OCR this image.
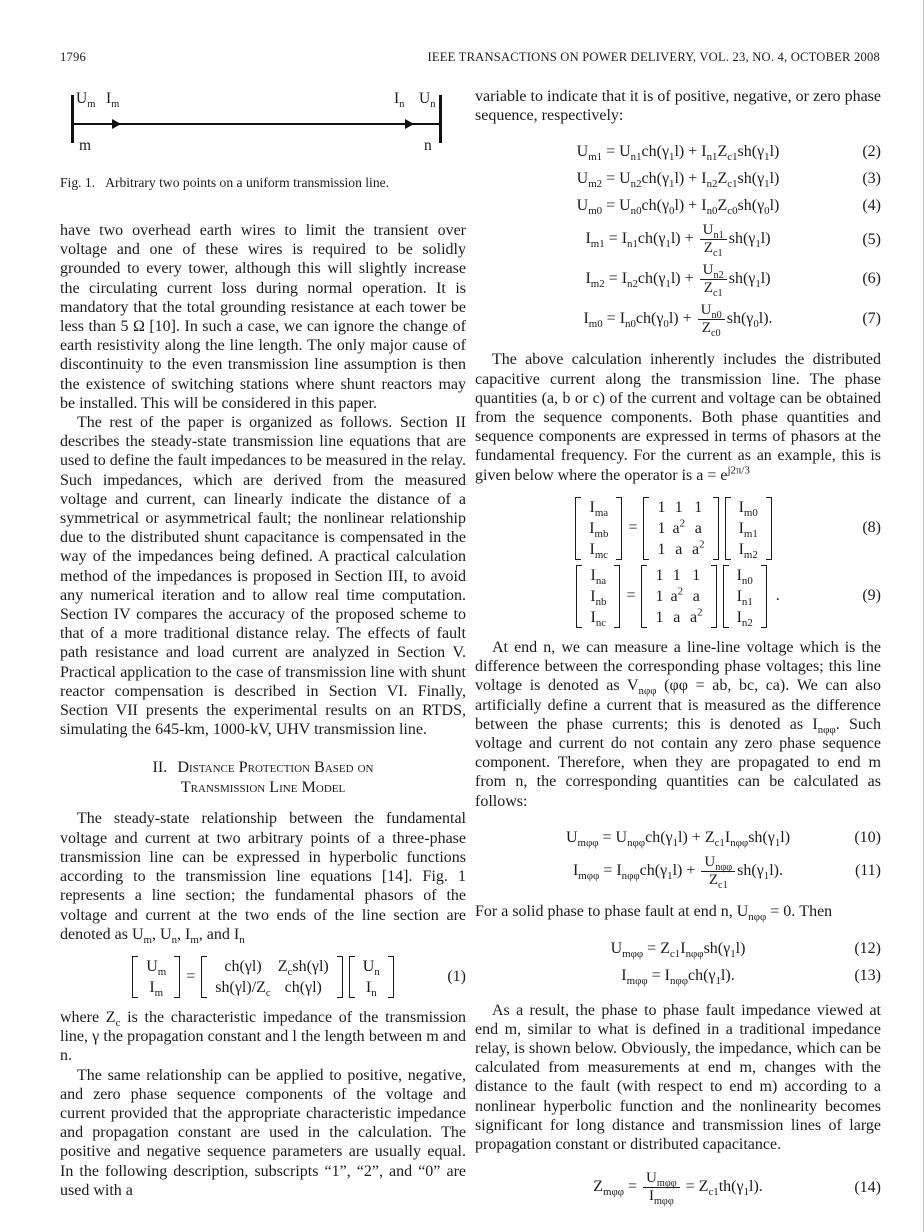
1796	IEEE TRANSACTIONS ON POWER DELIVERY, VOL. 23, NO. 4, OCTOBER 2008
$U_m$ $I_m$	$I_n$ $U_n$
m	n
Fig. 1. Arbitrary two points on a uniform transmission line.

have two overhead earth wires to limit the transient over voltage and one of these wires is required to be solidly grounded to every tower, although this will slightly increase the circulating current loss during normal operation. It is mandatory that the total grounding resistance at each tower be less than 5 Ω [10]. In such a case, we can ignore the change of earth resistivity along the line length. The only major cause of discontinuity to the even transmission line assumption is then the existence of switching stations where shunt reactors may be installed. This will be considered in this paper.

The rest of the paper is organized as follows. Section II describes the steady-state transmission line equations that are used to define the fault impedances to be measured in the relay. Such impedances, which are derived from the measured voltage and current, can linearly indicate the distance of a symmetrical or asymmetrical fault; the nonlinear relationship due to the distributed shunt capacitance is compensated in the way of the impedances being defined. A practical calculation method of the impedances is proposed in Section III, to avoid any numerical iteration and to allow real time computation. Section IV compares the accuracy of the proposed scheme to that of a more traditional distance relay. The effects of fault path resistance and load current are analyzed in Section V. Practical application to the case of transmission line with shunt reactor compensation is described in Section VI. Finally, Section VII presents the experimental results on an RTDS, simulating the 645-km, 1000-kV, UHV transmission line.

II. Distance Protection Based on
Transmission Line Model

The steady-state relationship between the fundamental voltage and current at two arbitrary points of a three-phase transmission line can be expressed in hyperbolic functions according to the transmission line equations [14]. Fig. 1 represents a line section; the fundamental phasors of the voltage and current at the two ends of the line section are denoted as $U_m$, $U_n$, $I_m$, and $I_n$

$U_m$
$I_m$
=
ch(γl)	$Z_csh(\gamma l)$
$sh(\gamma l)/Z_c$	ch(γl)
$U_n$
$I_n$
(1)

where $Z_c$ is the characteristic impedance of the transmission line, γ the propagation constant and l the length between m and n.

The same relationship can be applied to positive, negative, and zero phase sequence components of the voltage and current provided that the appropriate characteristic impedance and propagation constant are used in the calculation. The positive and negative sequence parameters are usually equal. In the following description, subscripts “1”, “2”, and “0” are used with a

variable to indicate that it is of positive, negative, or zero phase sequence, respectively:

$U_{m1} = U_{n1}ch(\gamma_1l) + I_{n1}Z_{c1}sh(\gamma_1l)$	(2)
$U_{m2} = U_{n2}ch(\gamma_1l) + I_{n2}Z_{c1}sh(\gamma_1l)$	(3)
$U_{m0} = U_{n0}ch(\gamma_0l) + I_{n0}Z_{c0}sh(\gamma_0l)$	(4)
$I_{m1} = I_{n1}ch(\gamma_1l) + \frac{U_{n1}}{Z_{c1}} sh(\gamma_1l)$	(5)
$I_{m2} = I_{n2}ch(\gamma_1l) + \frac{U_{n2}}{Z_{c1}} sh(\gamma_1l)$	(6)
$I_{m0} = I_{n0}ch(\gamma_0l) + \frac{U_{n0}}{Z_{c0}} sh(\gamma_0l)$.	(7)

The above calculation inherently includes the distributed capacitive current along the transmission line. The phase quantities (a, b or c) of the current and voltage can be obtained from the sequence components. Both phase quantities and sequence components are expressed in terms of phasors at the fundamental frequency. For the current as an example, this is given below where the operator is $a = e^{j2\pi/3}$

$I_{ma}$
$I_{mb}$
$I_{mc}$
=
1	1	1
1	$a^2$	a
1	a	$a^2$
$I_{m0}$
$I_{m1}$
$I_{m2}$
(8)
$I_{na}$
$I_{nb}$
$I_{nc}$
=
1	1	1
1	$a^2$	a
1	a	$a^2$
$I_{n0}$
$I_{n1}$
$I_{n2}$
.	(9)

At end n, we can measure a line-line voltage which is the difference between the corresponding phase voltages; this line voltage is denoted as $V_{n\varphi\varphi}$ (φφ = ab, bc, ca). We can also artificially define a current that is measured as the difference between the phase currents; this is denoted as $I_{n\varphi\varphi}$. Such voltage and current do not contain any zero phase sequence component. Therefore, when they are propagated to end m from n, the corresponding quantities can be calculated as follows:

$U_{m\varphi\varphi} = U_{n\varphi\varphi}ch(\gamma_1l) + Z_{c1}I_{n\varphi\varphi}sh(\gamma_1l)$	(10)
$I_{m\varphi\varphi} = I_{n\varphi\varphi}ch(\gamma_1l) + \frac{U_{n\varphi\varphi}}{Z_{c1}} sh(\gamma_1l)$.	(11)

For a solid phase to phase fault at end n, $U_{n\varphi\varphi} = 0$. Then

$U_{m\varphi\varphi} = Z_{c1}I_{n\varphi\varphi}sh(\gamma_1l)$	(12)
$I_{m\varphi\varphi} = I_{n\varphi\varphi}ch(\gamma_1l)$.	(13)

As a result, the phase to phase fault impedance viewed at end m, similar to what is defined in a traditional impedance relay, is shown below. Obviously, the impedance, which can be calculated from measurements at end m, changes with the distance to the fault (with respect to end m) according to a nonlinear hyperbolic function and the nonlinearity becomes significant for long distance and transmission lines of large propagation constant or distributed capacitance.

$Z_{m\varphi\varphi} = \frac{U_{m\varphi\varphi}}{I_{m\varphi\varphi}} = Z_{c1}th(\gamma_1l)$.	(14)
